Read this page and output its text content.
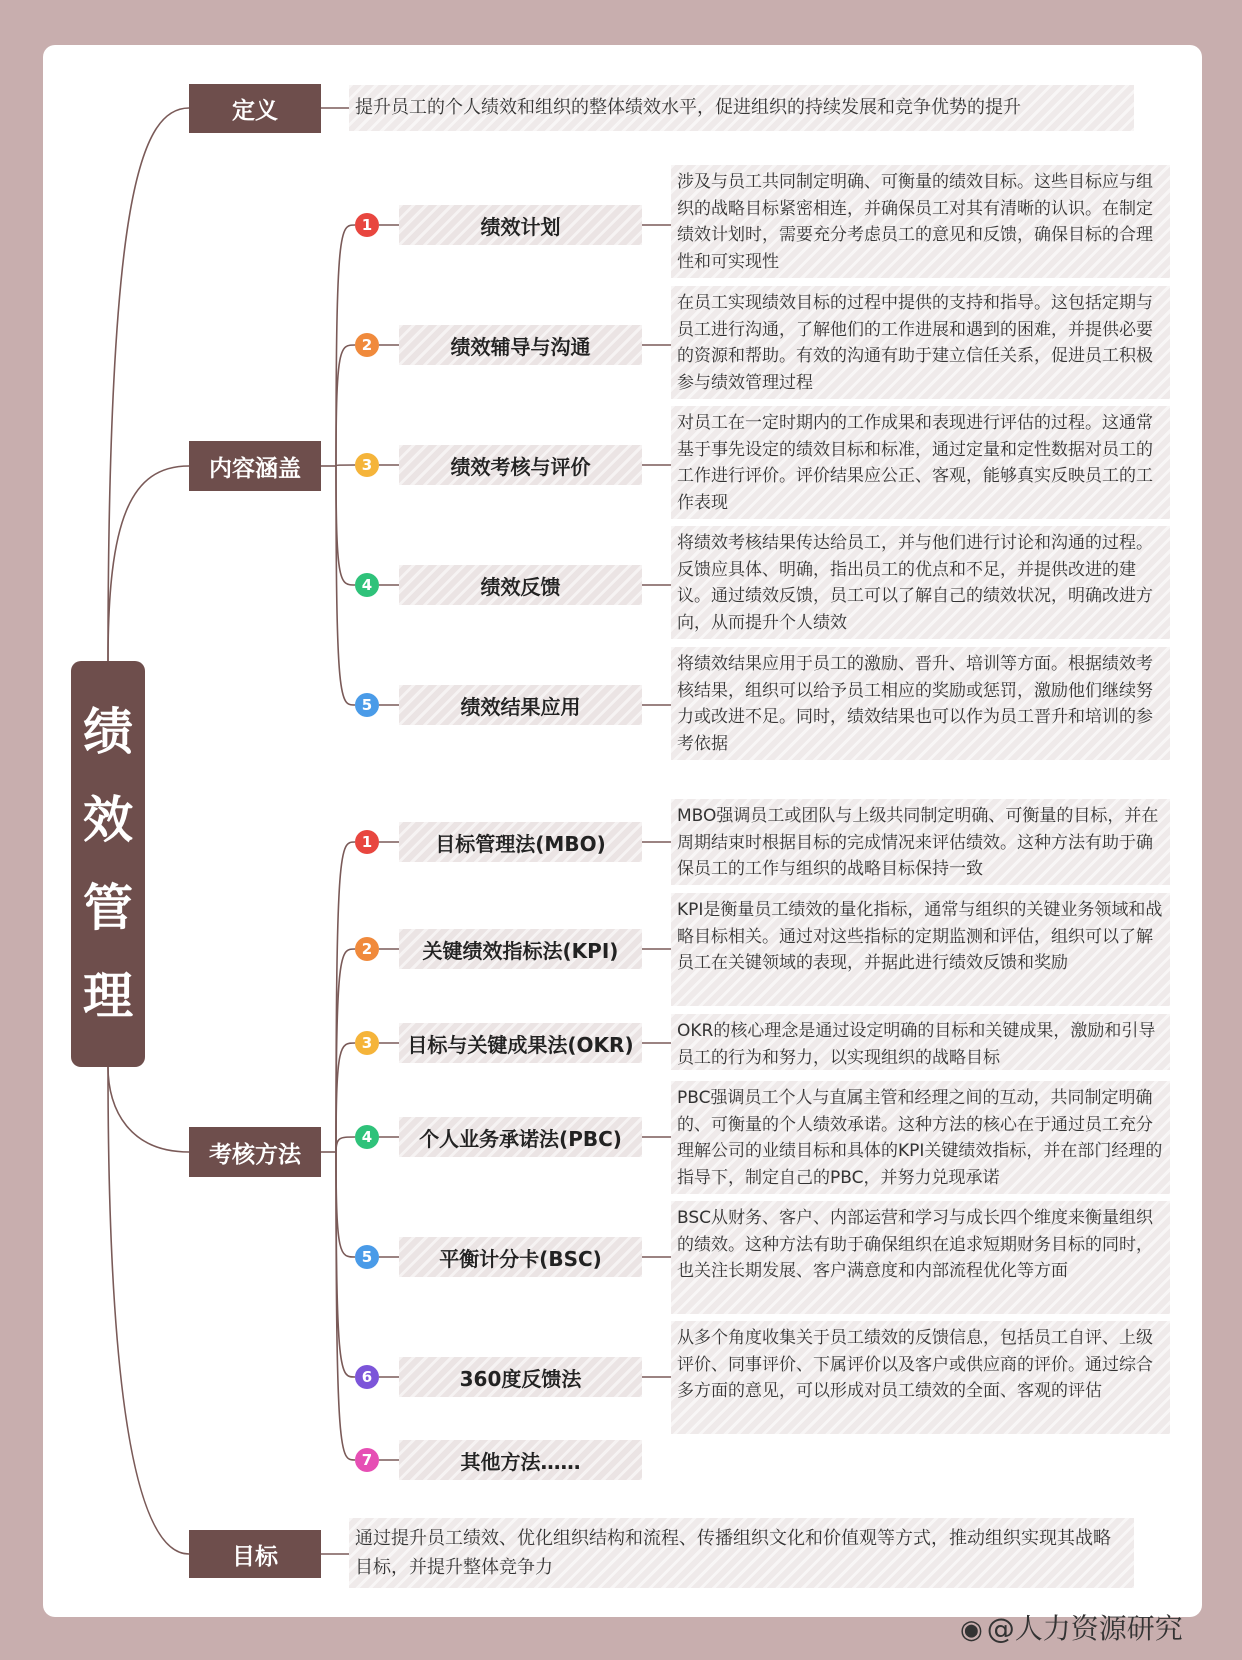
绩效管理
定义	提升员工的个人绩效和组织的整体绩效水平，促进组织的持续发展和竞争优势的提升
内容涵盖
1	绩效计划
涉及与员工共同制定明确、可衡量的绩效目标。这些目标应与组织的战略目标紧密相连，并确保员工对其有清晰的认识。在制定绩效计划时，需要充分考虑员工的意见和反馈，确保目标的合理性和可实现性
2	绩效辅导与沟通
在员工实现绩效目标的过程中提供的支持和指导。这包括定期与员工进行沟通，了解他们的工作进展和遇到的困难，并提供必要的资源和帮助。有效的沟通有助于建立信任关系，促进员工积极参与绩效管理过程
3	绩效考核与评价
对员工在一定时期内的工作成果和表现进行评估的过程。这通常基于事先设定的绩效目标和标准，通过定量和定性数据对员工的工作进行评价。评价结果应公正、客观，能够真实反映员工的工作表现
4	绩效反馈
将绩效考核结果传达给员工，并与他们进行讨论和沟通的过程。反馈应具体、明确，指出员工的优点和不足，并提供改进的建议。通过绩效反馈，员工可以了解自己的绩效状况，明确改进方向，从而提升个人绩效
5	绩效结果应用
将绩效结果应用于员工的激励、晋升、培训等方面。根据绩效考核结果，组织可以给予员工相应的奖励或惩罚，激励他们继续努力或改进不足。同时，绩效结果也可以作为员工晋升和培训的参考依据
考核方法
1	目标管理法(MBO)
MBO强调员工或团队与上级共同制定明确、可衡量的目标，并在周期结束时根据目标的完成情况来评估绩效。这种方法有助于确保员工的工作与组织的战略目标保持一致
2	关键绩效指标法(KPI)
KPI是衡量员工绩效的量化指标，通常与组织的关键业务领域和战略目标相关。通过对这些指标的定期监测和评估，组织可以了解员工在关键领域的表现，并据此进行绩效反馈和奖励
3	目标与关键成果法(OKR)
OKR的核心理念是通过设定明确的目标和关键成果，激励和引导员工的行为和努力，以实现组织的战略目标
4	个人业务承诺法(PBC)
PBC强调员工个人与直属主管和经理之间的互动，共同制定明确的、可衡量的个人绩效承诺。这种方法的核心在于通过员工充分理解公司的业绩目标和具体的KPI关键绩效指标，并在部门经理的指导下，制定自己的PBC，并努力兑现承诺
5	平衡计分卡(BSC)
BSC从财务、客户、内部运营和学习与成长四个维度来衡量组织的绩效。这种方法有助于确保组织在追求短期财务目标的同时，也关注长期发展、客户满意度和内部流程优化等方面
6	360度反馈法
从多个角度收集关于员工绩效的反馈信息，包括员工自评、上级评价、同事评价、下属评价以及客户或供应商的评价。通过综合多方面的意见，可以形成对员工绩效的全面、客观的评估
7	其他方法……
目标
通过提升员工绩效、优化组织结构和流程、传播组织文化和价值观等方式，推动组织实现其战略目标，并提升整体竞争力
◉ @人力资源研究
